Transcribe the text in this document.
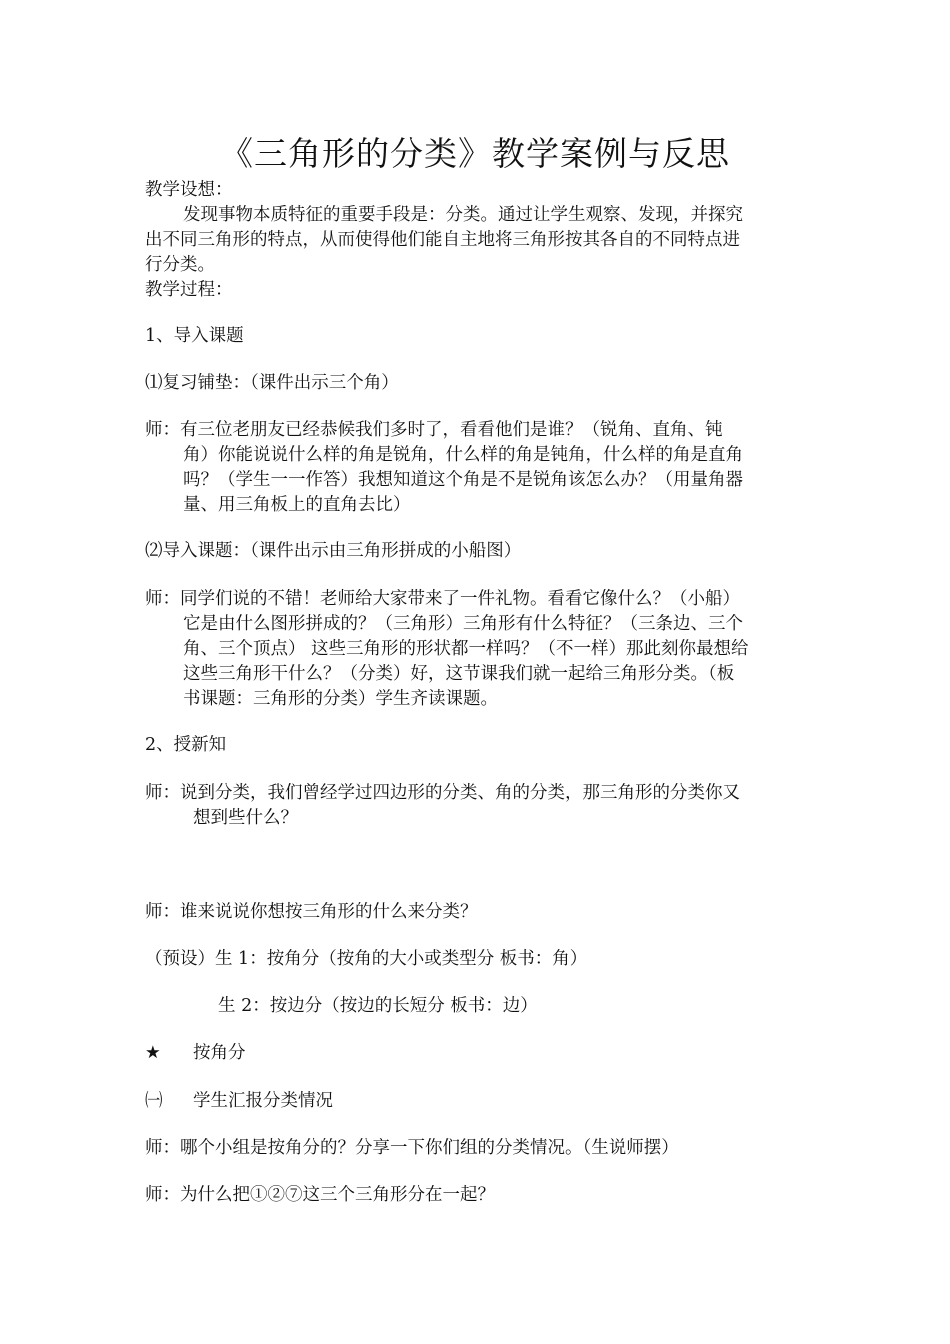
《三角形的分类》教学案例与反思
教学设想：
发现事物本质特征的重要手段是：分类。通过让学生观察、发现，并探究
出不同三角形的特点，从而使得他们能自主地将三角形按其各自的不同特点进
行分类。
教学过程：
1、导入课题
⑴复习铺垫：（课件出示三个角）
师：有三位老朋友已经恭候我们多时了，看看他们是谁？（锐角、直角、钝
角）你能说说什么样的角是锐角，什么样的角是钝角，什么样的角是直角
吗？（学生一一作答）我想知道这个角是不是锐角该怎么办？（用量角器
量、用三角板上的直角去比）
⑵导入课题：（课件出示由三角形拼成的小船图）
师：同学们说的不错！老师给大家带来了一件礼物。看看它像什么？（小船）
它是由什么图形拼成的？（三角形）三角形有什么特征？（三条边、三个
角、三个顶点） 这些三角形的形状都一样吗？（不一样）那此刻你最想给
这些三角形干什么？（分类）好，这节课我们就一起给三角形分类。（板
书课题：三角形的分类）学生齐读课题。
2、授新知
师：说到分类，我们曾经学过四边形的分类、角的分类，那三角形的分类你又
想到些什么？
师：谁来说说你想按三角形的什么来分类？
（预设）生 1：按角分（按角的大小或类型分 板书：角）
生 2：按边分（按边的长短分 板书：边）
★ 按角分
㈠ 学生汇报分类情况
师：哪个小组是按角分的？分享一下你们组的分类情况。（生说师摆）
师：为什么把①②⑦这三个三角形分在一起？
